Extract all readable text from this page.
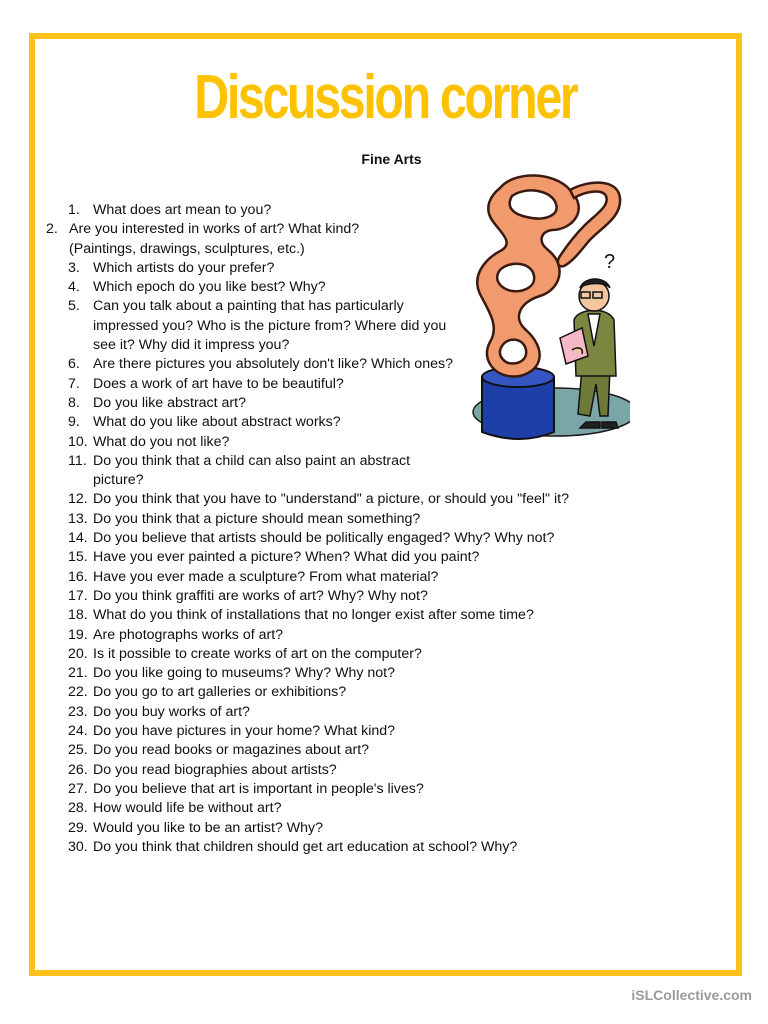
Discussion corner
Fine Arts
1. What does art mean to you?
2. Are you interested in works of art? What kind?
(Paintings, drawings, sculptures, etc.)
3. Which artists do your prefer?
4. Which epoch do you like best? Why?
5. Can you talk about a painting that has particularly impressed you? Who is the picture from? Where did you see it? Why did it impress you?
6. Are there pictures you absolutely don't like? Which ones?
7. Does a work of art have to be beautiful?
8. Do you like abstract art?
9. What do you like about abstract works?
10. What do you not like?
11. Do you think that a child can also paint an abstract picture?
12. Do you think that you have to "understand" a picture, or should you "feel" it?
13. Do you think that a picture should mean something?
14. Do you believe that artists should be politically engaged? Why? Why not?
15. Have you ever painted a picture? When? What did you paint?
16. Have you ever made a sculpture? From what material?
17. Do you think graffiti are works of art? Why? Why not?
18. What do you think of installations that no longer exist after some time?
19. Are photographs works of art?
20. Is it possible to create works of art on the computer?
21. Do you like going to museums? Why? Why not?
22. Do you go to art galleries or exhibitions?
23. Do you buy works of art?
24. Do you have pictures in your home? What kind?
25. Do you read books or magazines about art?
26. Do you read biographies about artists?
27. Do you believe that art is important in people's lives?
28. How would life be without art?
29. Would you like to be an artist? Why?
30. Do you think that children should get art education at school? Why?
?
iSLCollective.com
